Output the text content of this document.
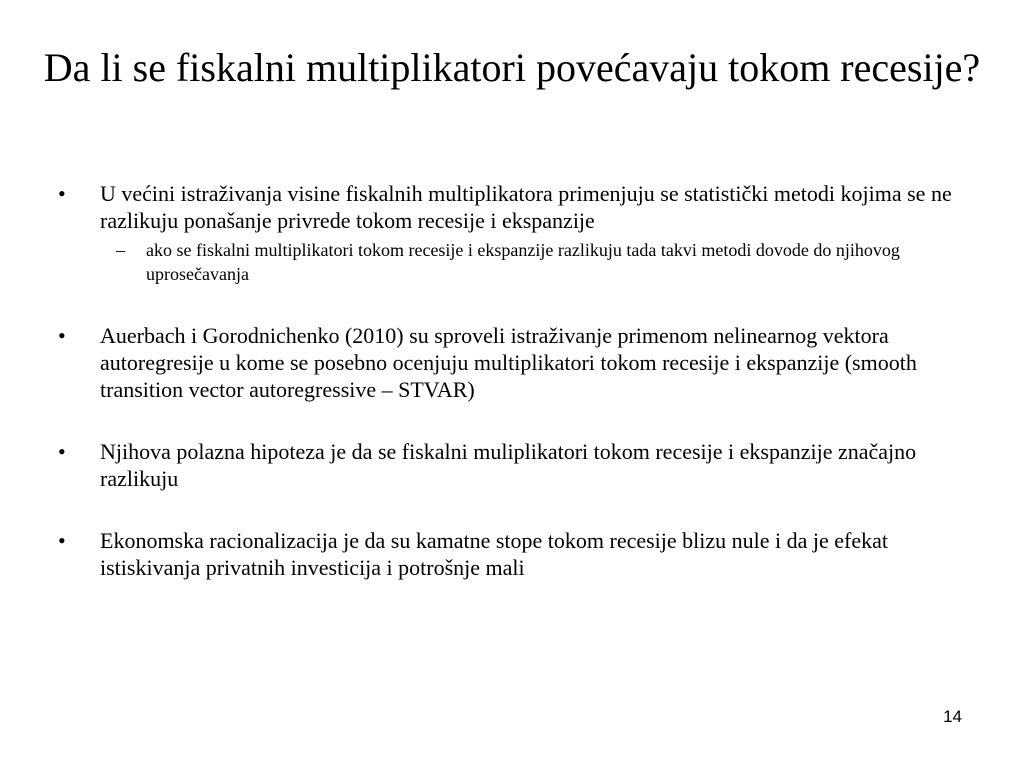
Da li se fiskalni multiplikatori povećavaju tokom recesije?
• U većini istraživanja visine fiskalnih multiplikatora primenjuju se statistički metodi kojima se ne razlikuju ponašanje privrede tokom recesije i ekspanzije
– ako se fiskalni multiplikatori tokom recesije i ekspanzije razlikuju tada takvi metodi dovode do njihovog uprosečavanja
• Auerbach i Gorodnichenko (2010) su sproveli istraživanje primenom nelinearnog vektora autoregresije u kome se posebno ocenjuju multiplikatori tokom recesije i ekspanzije (smooth transition vector autoregressive – STVAR)
• Njihova polazna hipoteza je da se fiskalni muliplikatori tokom recesije i ekspanzije značajno razlikuju
• Ekonomska racionalizacija je da su kamatne stope tokom recesije blizu nule i da je efekat istiskivanja privatnih investicija i potrošnje mali
14
